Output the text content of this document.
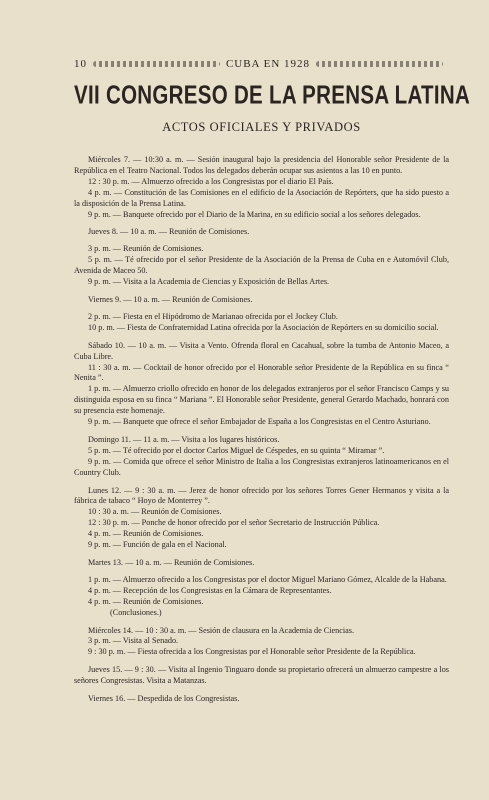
10	CUBA EN 1928
VII CONGRESO DE LA PRENSA LATINA
ACTOS OFICIALES Y PRIVADOS

Miércoles 7. — 10:30 a. m. — Sesión inaugural bajo la presidencia del Honorable señor Presidente de la República en el Teatro Nacional. Todos los delegados deberán ocupar sus asientos a las 10 en punto.

12 : 30 p. m. — Almuerzo ofrecido a los Congresistas por el diario El País.

4 p. m. — Constitución de las Comisiones en el edificio de la Asociación de Repórters, que ha sido puesto a la disposición de la Prensa Latina.

9 p. m. — Banquete ofrecido por el Diario de la Marina, en su edificio social a los señores delegados.

Jueves 8. — 10 a. m. — Reunión de Comisiones.

3 p. m. — Reunión de Comisiones.

5 p. m. — Té ofrecido por el señor Presidente de la Asociación de la Prensa de Cuba en e Automóvil Club, Avenida de Maceo 50.

9 p. m. — Visita a la Academia de Ciencias y Exposición de Bellas Artes.

Viernes 9. — 10 a. m. — Reunión de Comisiones.

2 p. m. — Fiesta en el Hipódromo de Marianao ofrecida por el Jockey Club.

10 p. m. — Fiesta de Confraternidad Latina ofrecida por la Asociación de Repórters en su domicilio social.

Sábado 10. — 10 a. m. — Visita a Vento. Ofrenda floral en Cacahual, sobre la tumba de Antonio Maceo, a Cuba Libre.

11 : 30 a. m. — Cocktail de honor ofrecido por el Honorable señor Presidente de la República en su finca “ Nenita ”.

1 p. m. — Almuerzo criollo ofrecido en honor de los delegados extranjeros por el señor Francisco Camps y su distinguida esposa en su finca “ Mariana ”. El Honorable señor Presidente, general Gerardo Machado, honrará con su presencia este homenaje.

9 p. m. — Banquete que ofrece el señor Embajador de España a los Congresistas en el Centro Asturiano.

Domingo 11. — 11 a. m. — Visita a los lugares históricos.

5 p. m. — Té ofrecido por el doctor Carlos Miguel de Céspedes, en su quinta “ Miramar ”.

9 p. m. — Comida que ofrece el señor Ministro de Italia a los Congresistas extranjeros latinoamericanos en el Country Club.

Lunes 12. — 9 : 30 a. m. — Jerez de honor ofrecido por los señores Torres Gener Hermanos y visita a la fábrica de tabaco “ Hoyo de Monterrey ”.

10 : 30 a. m. — Reunión de Comisiones.

12 : 30 p. m. — Ponche de honor ofrecido por el señor Secretario de Instrucción Pública.

4 p. m. — Reunión de Comisiones.

9 p. m. — Función de gala en el Nacional.

Martes 13. — 10 a. m. — Reunión de Comisiones.

1 p. m. — Almuerzo ofrecido a los Congresistas por el doctor Miguel Mariano Gómez, Alcalde de la Habana.

4 p. m. — Recepción de los Congresistas en la Cámara de Representantes.

4 p. m. — Reunión de Comisiones.

(Conclusiones.)

Miércoles 14. — 10 : 30 a. m. — Sesión de clausura en la Academia de Ciencias.

3 p. m. — Visita al Senado.

9 : 30 p. m. — Fiesta ofrecida a los Congresistas por el Honorable señor Presidente de la República.

Jueves 15. — 9 : 30. — Visita al Ingenio Tinguaro donde su propietario ofrecerá un almuerzo campestre a los señores Congresistas. Visita a Matanzas.

Viernes 16. — Despedida de los Congresistas.
